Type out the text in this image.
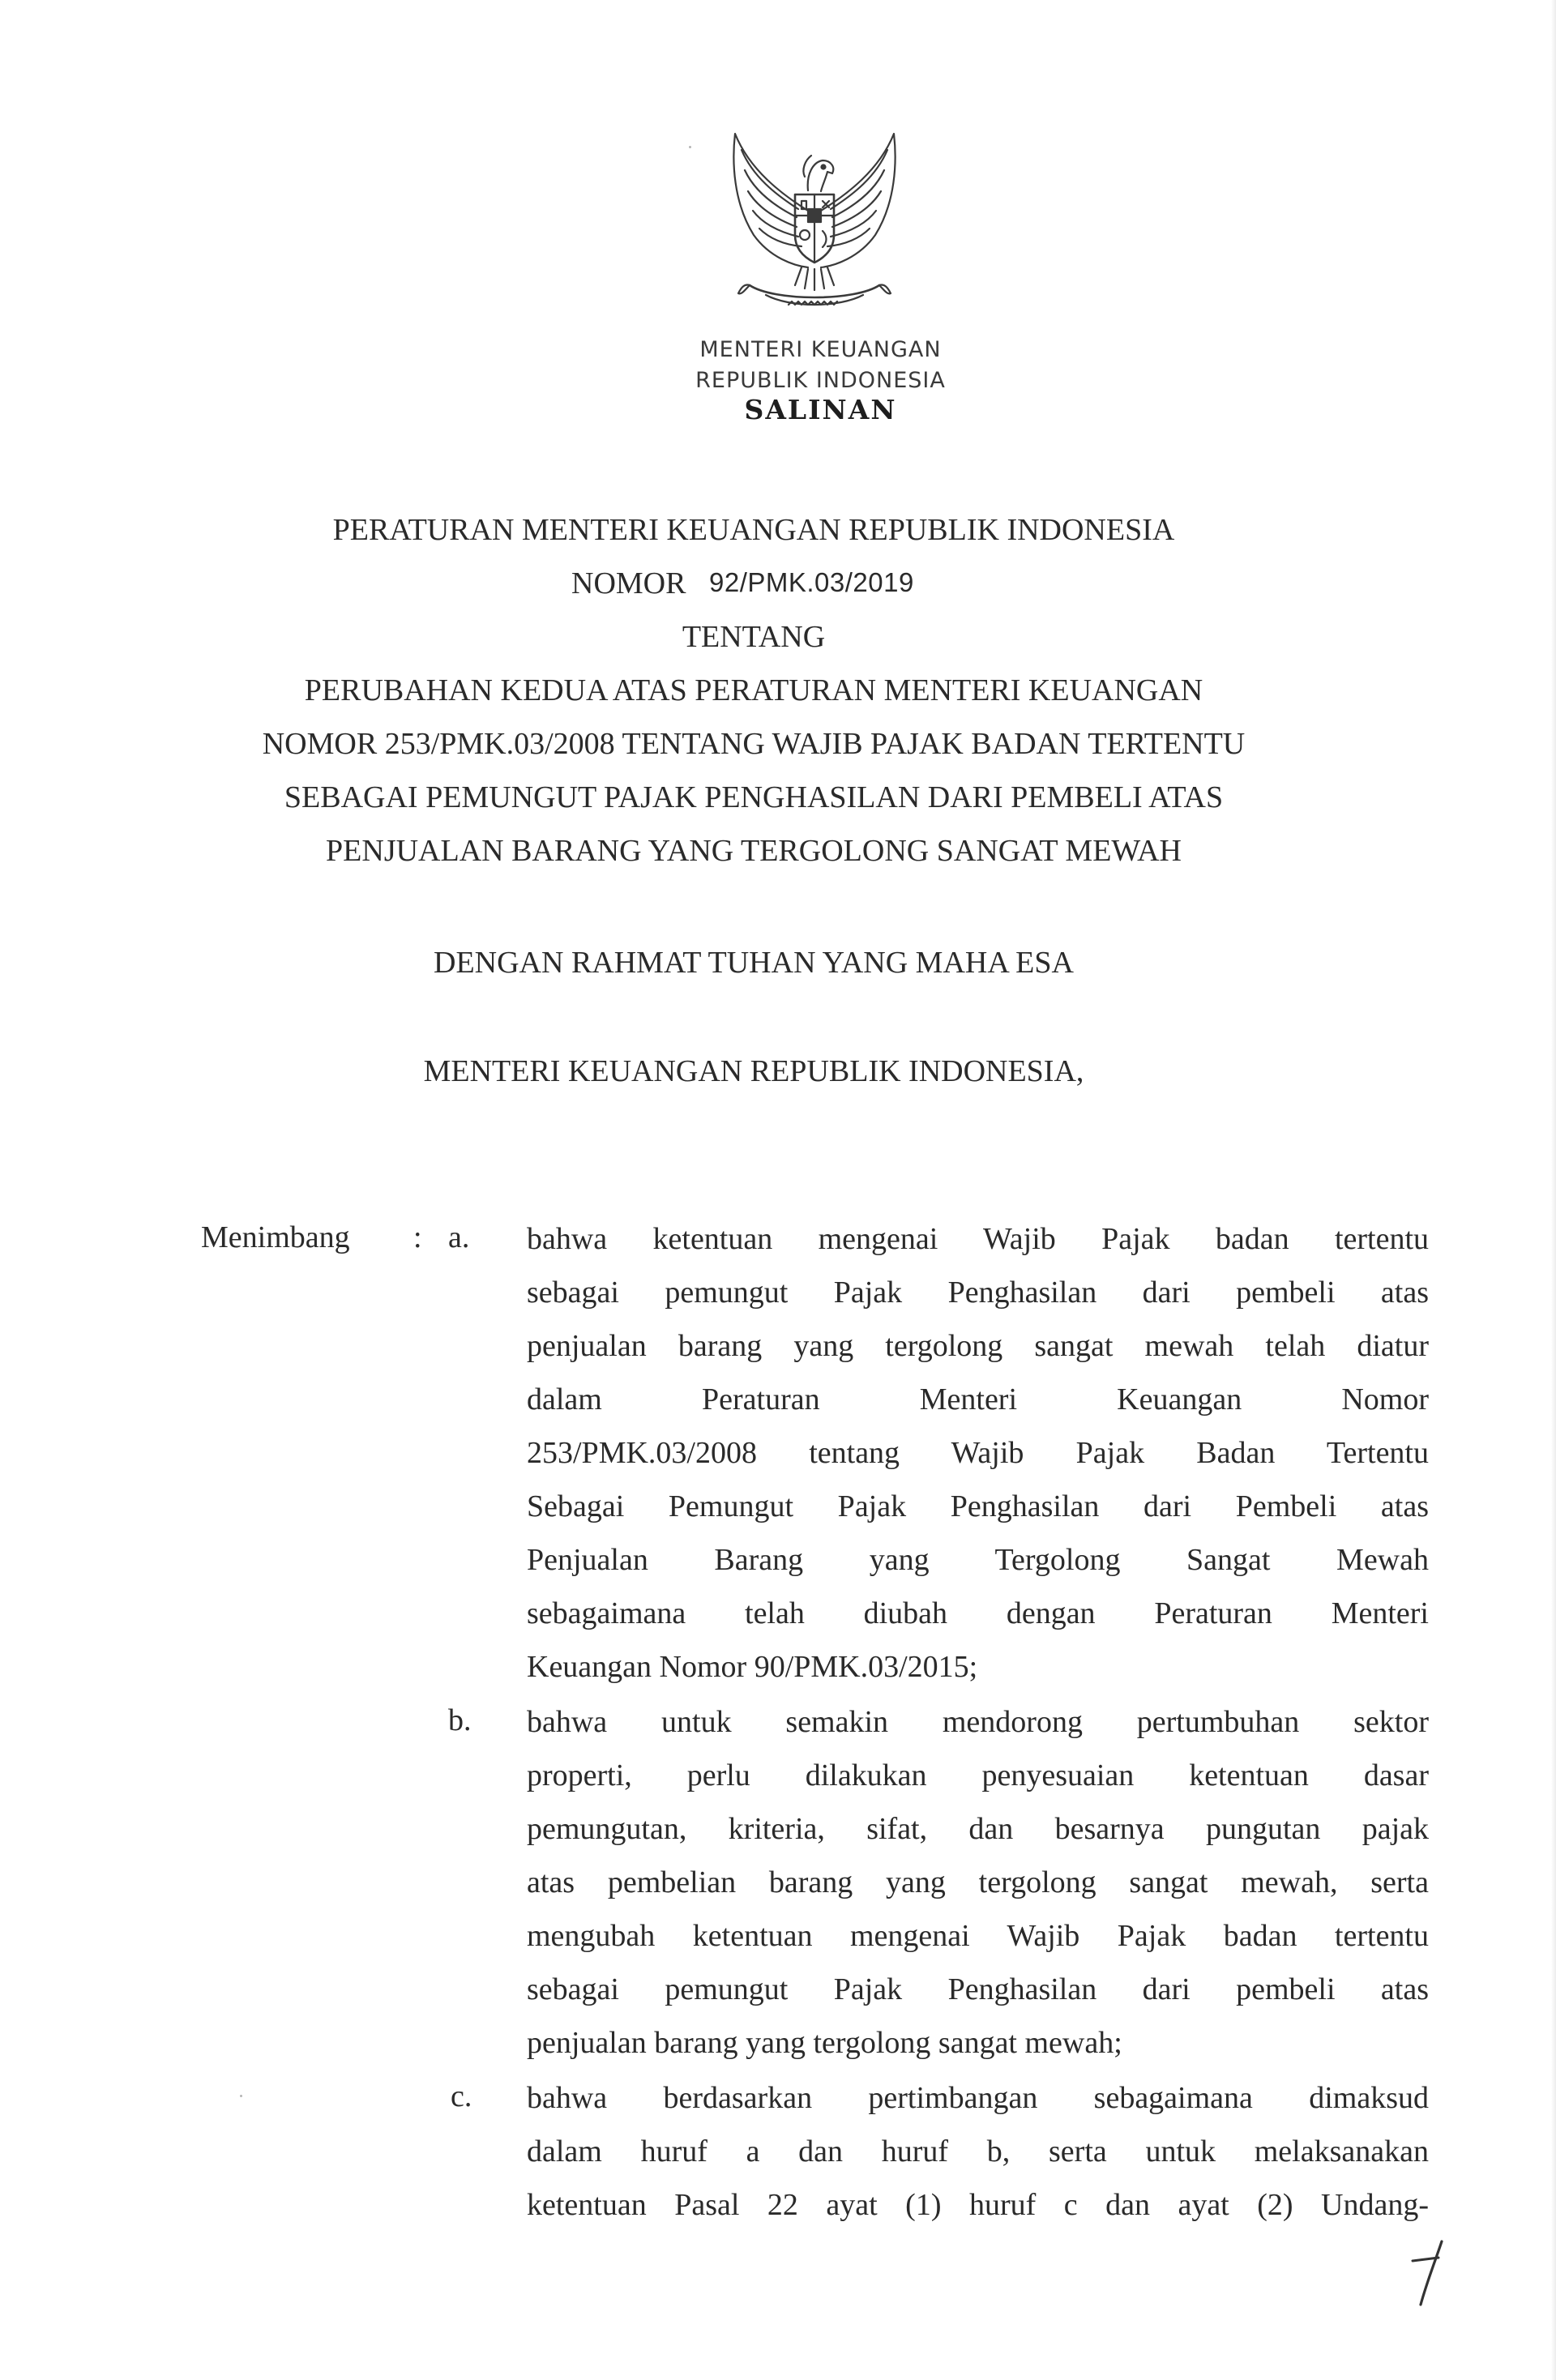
MENTERI KEUANGAN
REPUBLIK INDONESIA
SALINAN
PERATURAN MENTERI KEUANGAN REPUBLIK INDONESIA
NOMOR 92/PMK.03/2019
TENTANG
PERUBAHAN KEDUA ATAS PERATURAN MENTERI KEUANGAN
NOMOR 253/PMK.03/2008 TENTANG WAJIB PAJAK BADAN TERTENTU
SEBAGAI PEMUNGUT PAJAK PENGHASILAN DARI PEMBELI ATAS
PENJUALAN BARANG YANG TERGOLONG SANGAT MEWAH
DENGAN RAHMAT TUHAN YANG MAHA ESA
MENTERI KEUANGAN REPUBLIK INDONESIA,
Menimbang : a. bahwa ketentuan mengenai Wajib Pajak badan tertentu
sebagai pemungut Pajak Penghasilan dari pembeli atas
penjualan barang yang tergolong sangat mewah telah diatur
dalam Peraturan Menteri Keuangan Nomor
253/PMK.03/2008 tentang Wajib Pajak Badan Tertentu
Sebagai Pemungut Pajak Penghasilan dari Pembeli atas
Penjualan Barang yang Tergolong Sangat Mewah
sebagaimana telah diubah dengan Peraturan Menteri
Keuangan Nomor 90/PMK.03/2015;
b. bahwa untuk semakin mendorong pertumbuhan sektor
properti, perlu dilakukan penyesuaian ketentuan dasar
pemungutan, kriteria, sifat, dan besarnya pungutan pajak
atas pembelian barang yang tergolong sangat mewah, serta
mengubah ketentuan mengenai Wajib Pajak badan tertentu
sebagai pemungut Pajak Penghasilan dari pembeli atas
penjualan barang yang tergolong sangat mewah;
c. bahwa berdasarkan pertimbangan sebagaimana dimaksud
dalam huruf a dan huruf b, serta untuk melaksanakan
ketentuan Pasal 22 ayat (1) huruf c dan ayat (2) Undang-
